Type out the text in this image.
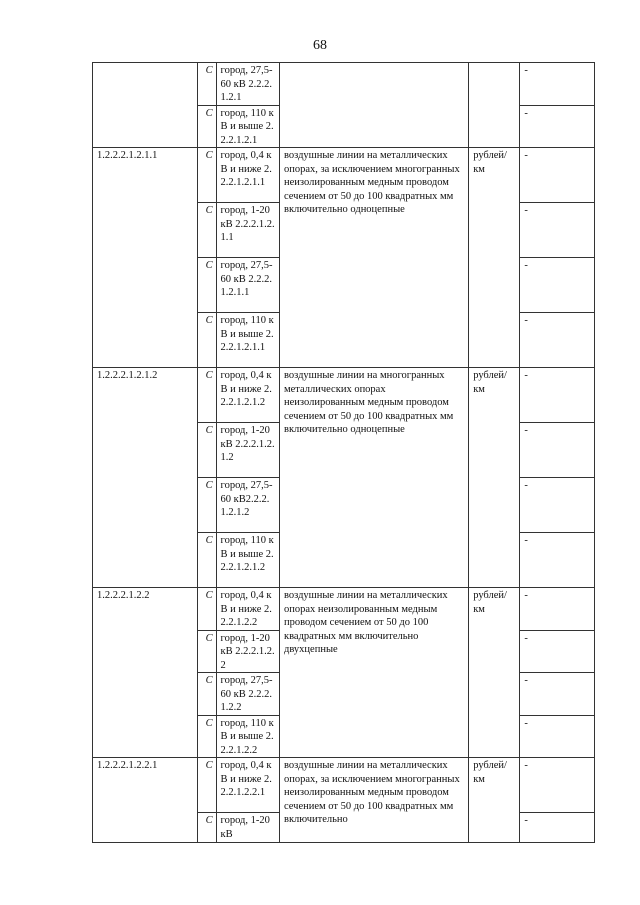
68
	С	город, 27,5-60 кВ 2.2.2.1.2.1			-
	С	город, 110 кВ и выше 2.2.2.1.2.1			-
1.2.2.2.1.2.1.1	С	город, 0,4 кВ и ниже 2.2.2.1.2.1.1	воздушные линии на металлических опорах, за исключением многогранных неизолированным медным проводом сечением от 50 до 100 квадратных мм включительно одноцепные	рублей/ км	-
	С	город, 1-20 кВ 2.2.2.1.2.1.1			-
	С	город, 27,5-60 кВ 2.2.2.1.2.1.1			-
	С	город, 110 кВ и выше 2.2.2.1.2.1.1			-
1.2.2.2.1.2.1.2	С	город, 0,4 кВ и ниже 2.2.2.1.2.1.2	воздушные линии на многогранных металлических опорах неизолированным медным проводом сечением от 50 до 100 квадратных мм включительно одноцепные	рублей/ км	-
	С	город, 1-20 кВ 2.2.2.1.2.1.2			-
	С	город, 27,5-60 кВ2.2.2.1.2.1.2			-
	С	город, 110 кВ и выше 2.2.2.1.2.1.2			-
1.2.2.2.1.2.2	С	город, 0,4 кВ и ниже 2.2.2.1.2.2	воздушные линии на металлических опорах неизолированным медным проводом сечением от 50 до 100 квадратных мм включительно двухцепные	рублей/ км	-
	С	город, 1-20 кВ 2.2.2.1.2.2			-
	С	город, 27,5-60 кВ 2.2.2.1.2.2			-
	С	город, 110 кВ и выше 2.2.2.1.2.2			-
1.2.2.2.1.2.2.1	С	город, 0,4 кВ и ниже 2.2.2.1.2.2.1	воздушные линии на металлических опорах, за исключением многогранных неизолированным медным проводом сечением от 50 до 100 квадратных мм включительно	рублей/ км	-
	С	город, 1-20 кВ			-
